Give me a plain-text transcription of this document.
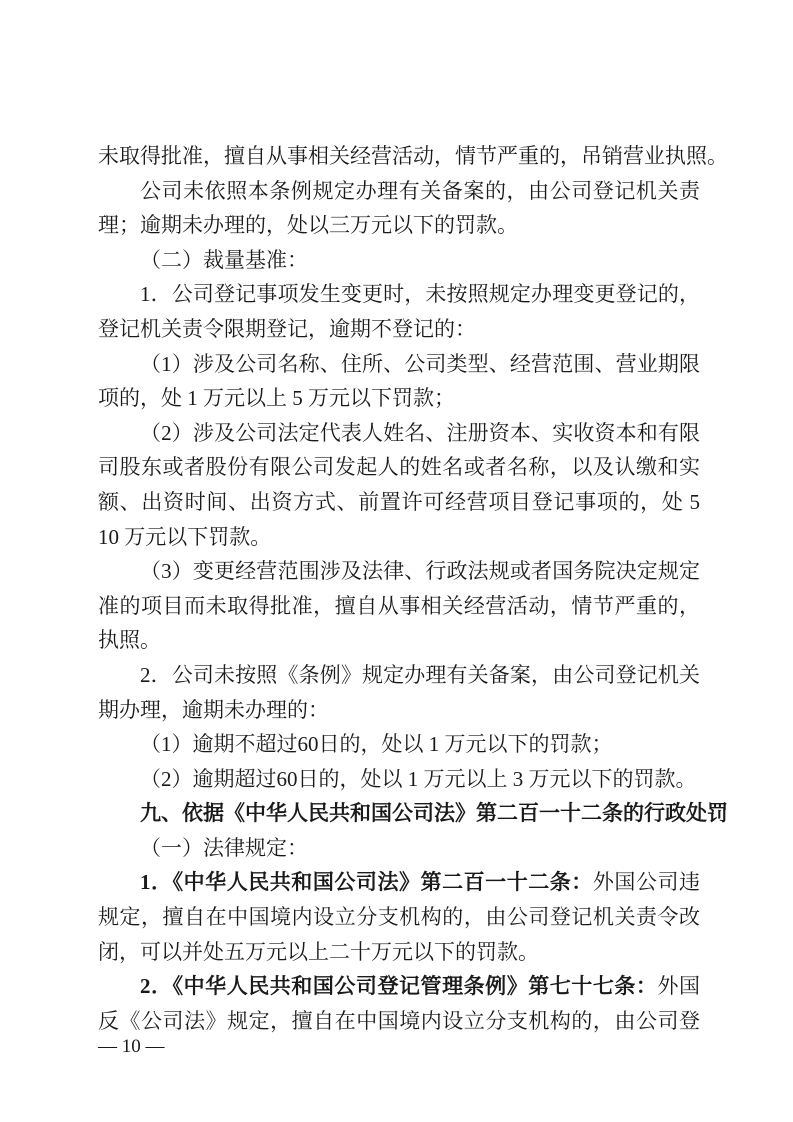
未取得批准，擅自从事相关经营活动，情节严重的，吊销营业执照。
公司未依照本条例规定办理有关备案的，由公司登记机关责
理；逾期未办理的，处以三万元以下的罚款。
（二）裁量基准：
1．公司登记事项发生变更时，未按照规定办理变更登记的，
登记机关责令限期登记，逾期不登记的：
（1）涉及公司名称、住所、公司类型、经营范围、营业期限
项的，处 1 万元以上 5 万元以下罚款；
（2）涉及公司法定代表人姓名、注册资本、实收资本和有限
司股东或者股份有限公司发起人的姓名或者名称，以及认缴和实
额、出资时间、出资方式、前置许可经营项目登记事项的，处 5
10 万元以下罚款。
（3）变更经营范围涉及法律、行政法规或者国务院决定规定
准的项目而未取得批准，擅自从事相关经营活动，情节严重的，
执照。
2．公司未按照《条例》规定办理有关备案，由公司登记机关
期办理，逾期未办理的：
（1）逾期不超过60日的，处以 1 万元以下的罚款；
（2）逾期超过60日的，处以 1 万元以上 3 万元以下的罚款。
九、依据《中华人民共和国公司法》第二百一十二条的行政处罚
（一）法律规定：
1．《中华人民共和国公司法》第二百一十二条：外国公司违
规定，擅自在中国境内设立分支机构的，由公司登记机关责令改
闭，可以并处五万元以上二十万元以下的罚款。
2．《中华人民共和国公司登记管理条例》第七十七条：外国
反《公司法》规定，擅自在中国境内设立分支机构的，由公司登
— 10 —
